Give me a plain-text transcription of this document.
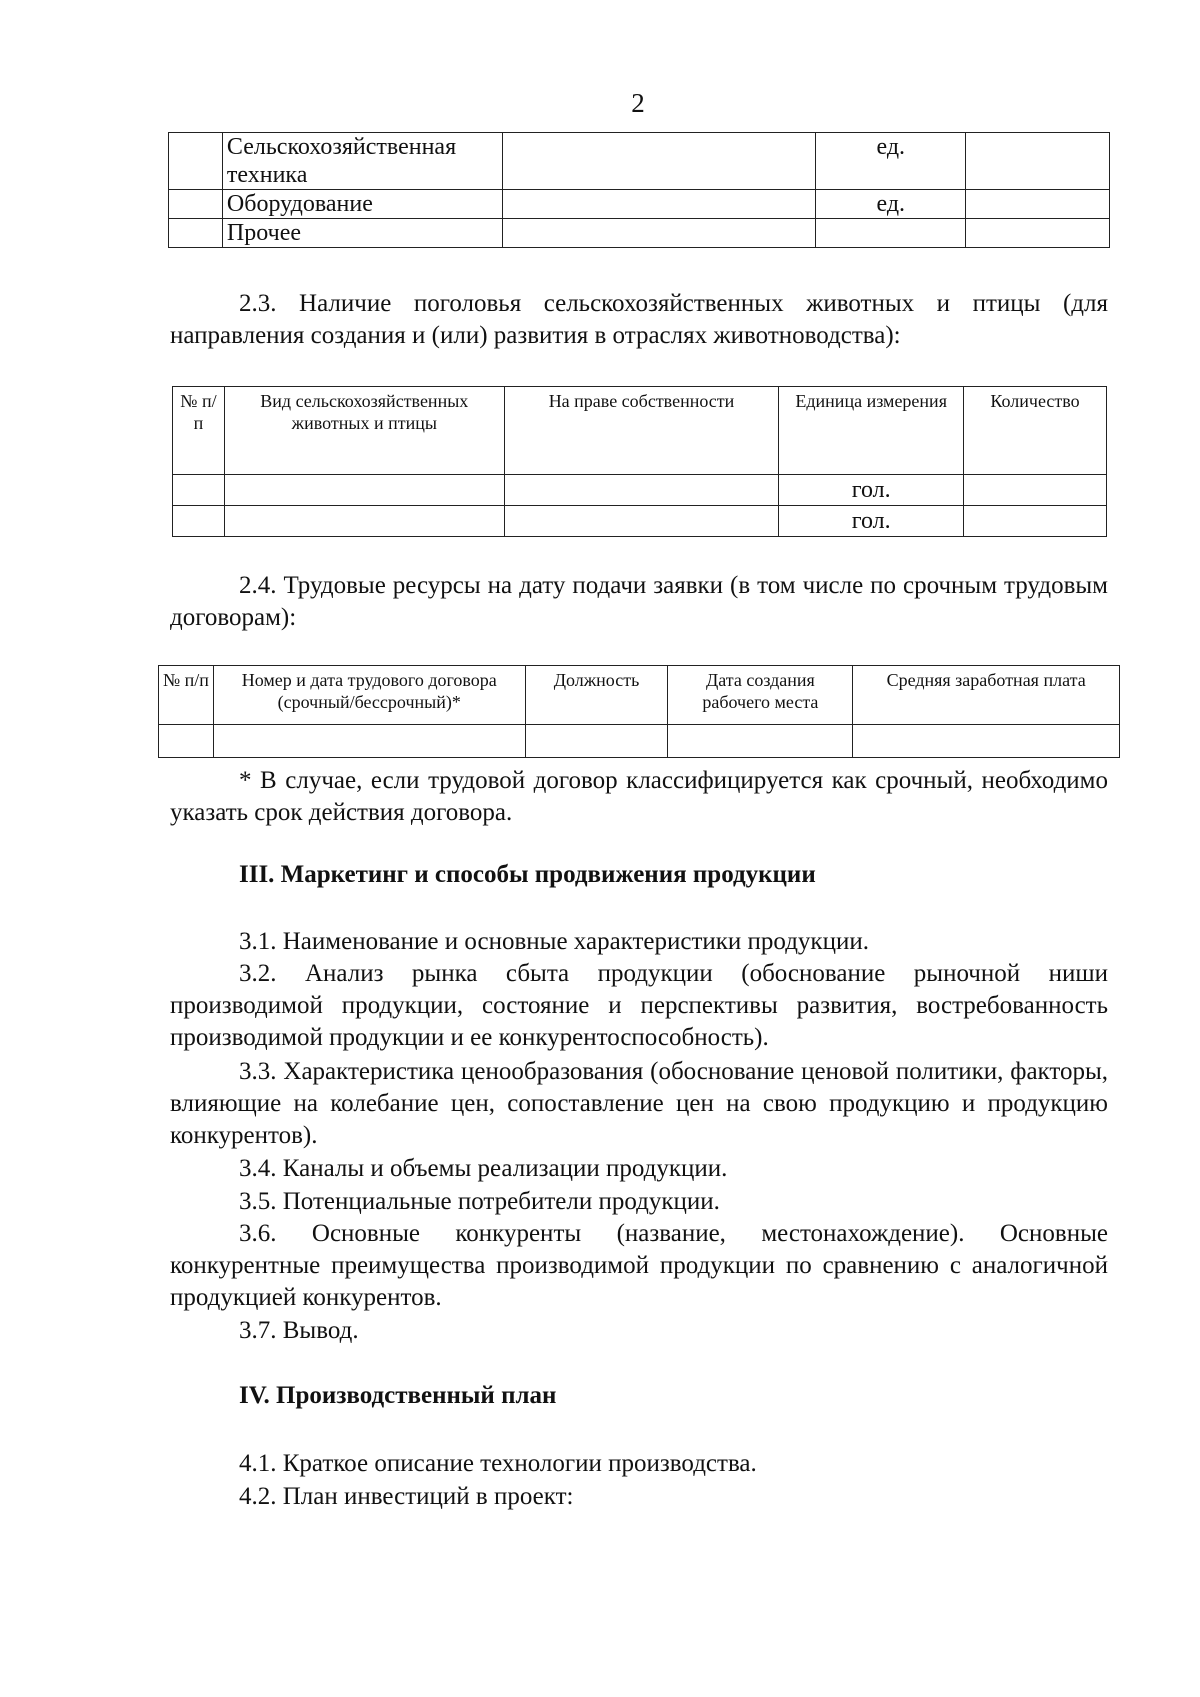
2
	Сельскохозяйственная техника		ед.	
	Оборудование		ед.	
	Прочее			
2.3. Наличие поголовья сельскохозяйственных животных и птицы (для направления создания и (или) развития в отраслях животноводства):
№ п/п	Вид сельскохозяйственных животных и птицы	На праве собственности	Единица измерения	Количество
			гол.	
			гол.	
2.4. Трудовые ресурсы на дату подачи заявки (в том числе по срочным трудовым договорам):
№ п/п	Номер и дата трудового договора (срочный/бессрочный)*	Должность	Дата создания рабочего места	Средняя заработная плата

* В случае, если трудовой договор классифицируется как срочный, необходимо указать срок действия договора.
III. Маркетинг и способы продвижения продукции
3.1. Наименование и основные характеристики продукции.
3.2. Анализ рынка сбыта продукции (обоснование рыночной ниши производимой продукции, состояние и перспективы развития, востребованность производимой продукции и ее конкурентоспособность).
3.3. Характеристика ценообразования (обоснование ценовой политики, факторы, влияющие на колебание цен, сопоставление цен на свою продукцию и продукцию конкурентов).
3.4. Каналы и объемы реализации продукции.
3.5. Потенциальные потребители продукции.
3.6. Основные конкуренты (название, местонахождение). Основные конкурентные преимущества производимой продукции по сравнению с аналогичной продукцией конкурентов.
3.7. Вывод.
IV. Производственный план
4.1. Краткое описание технологии производства.
4.2. План инвестиций в проект:
